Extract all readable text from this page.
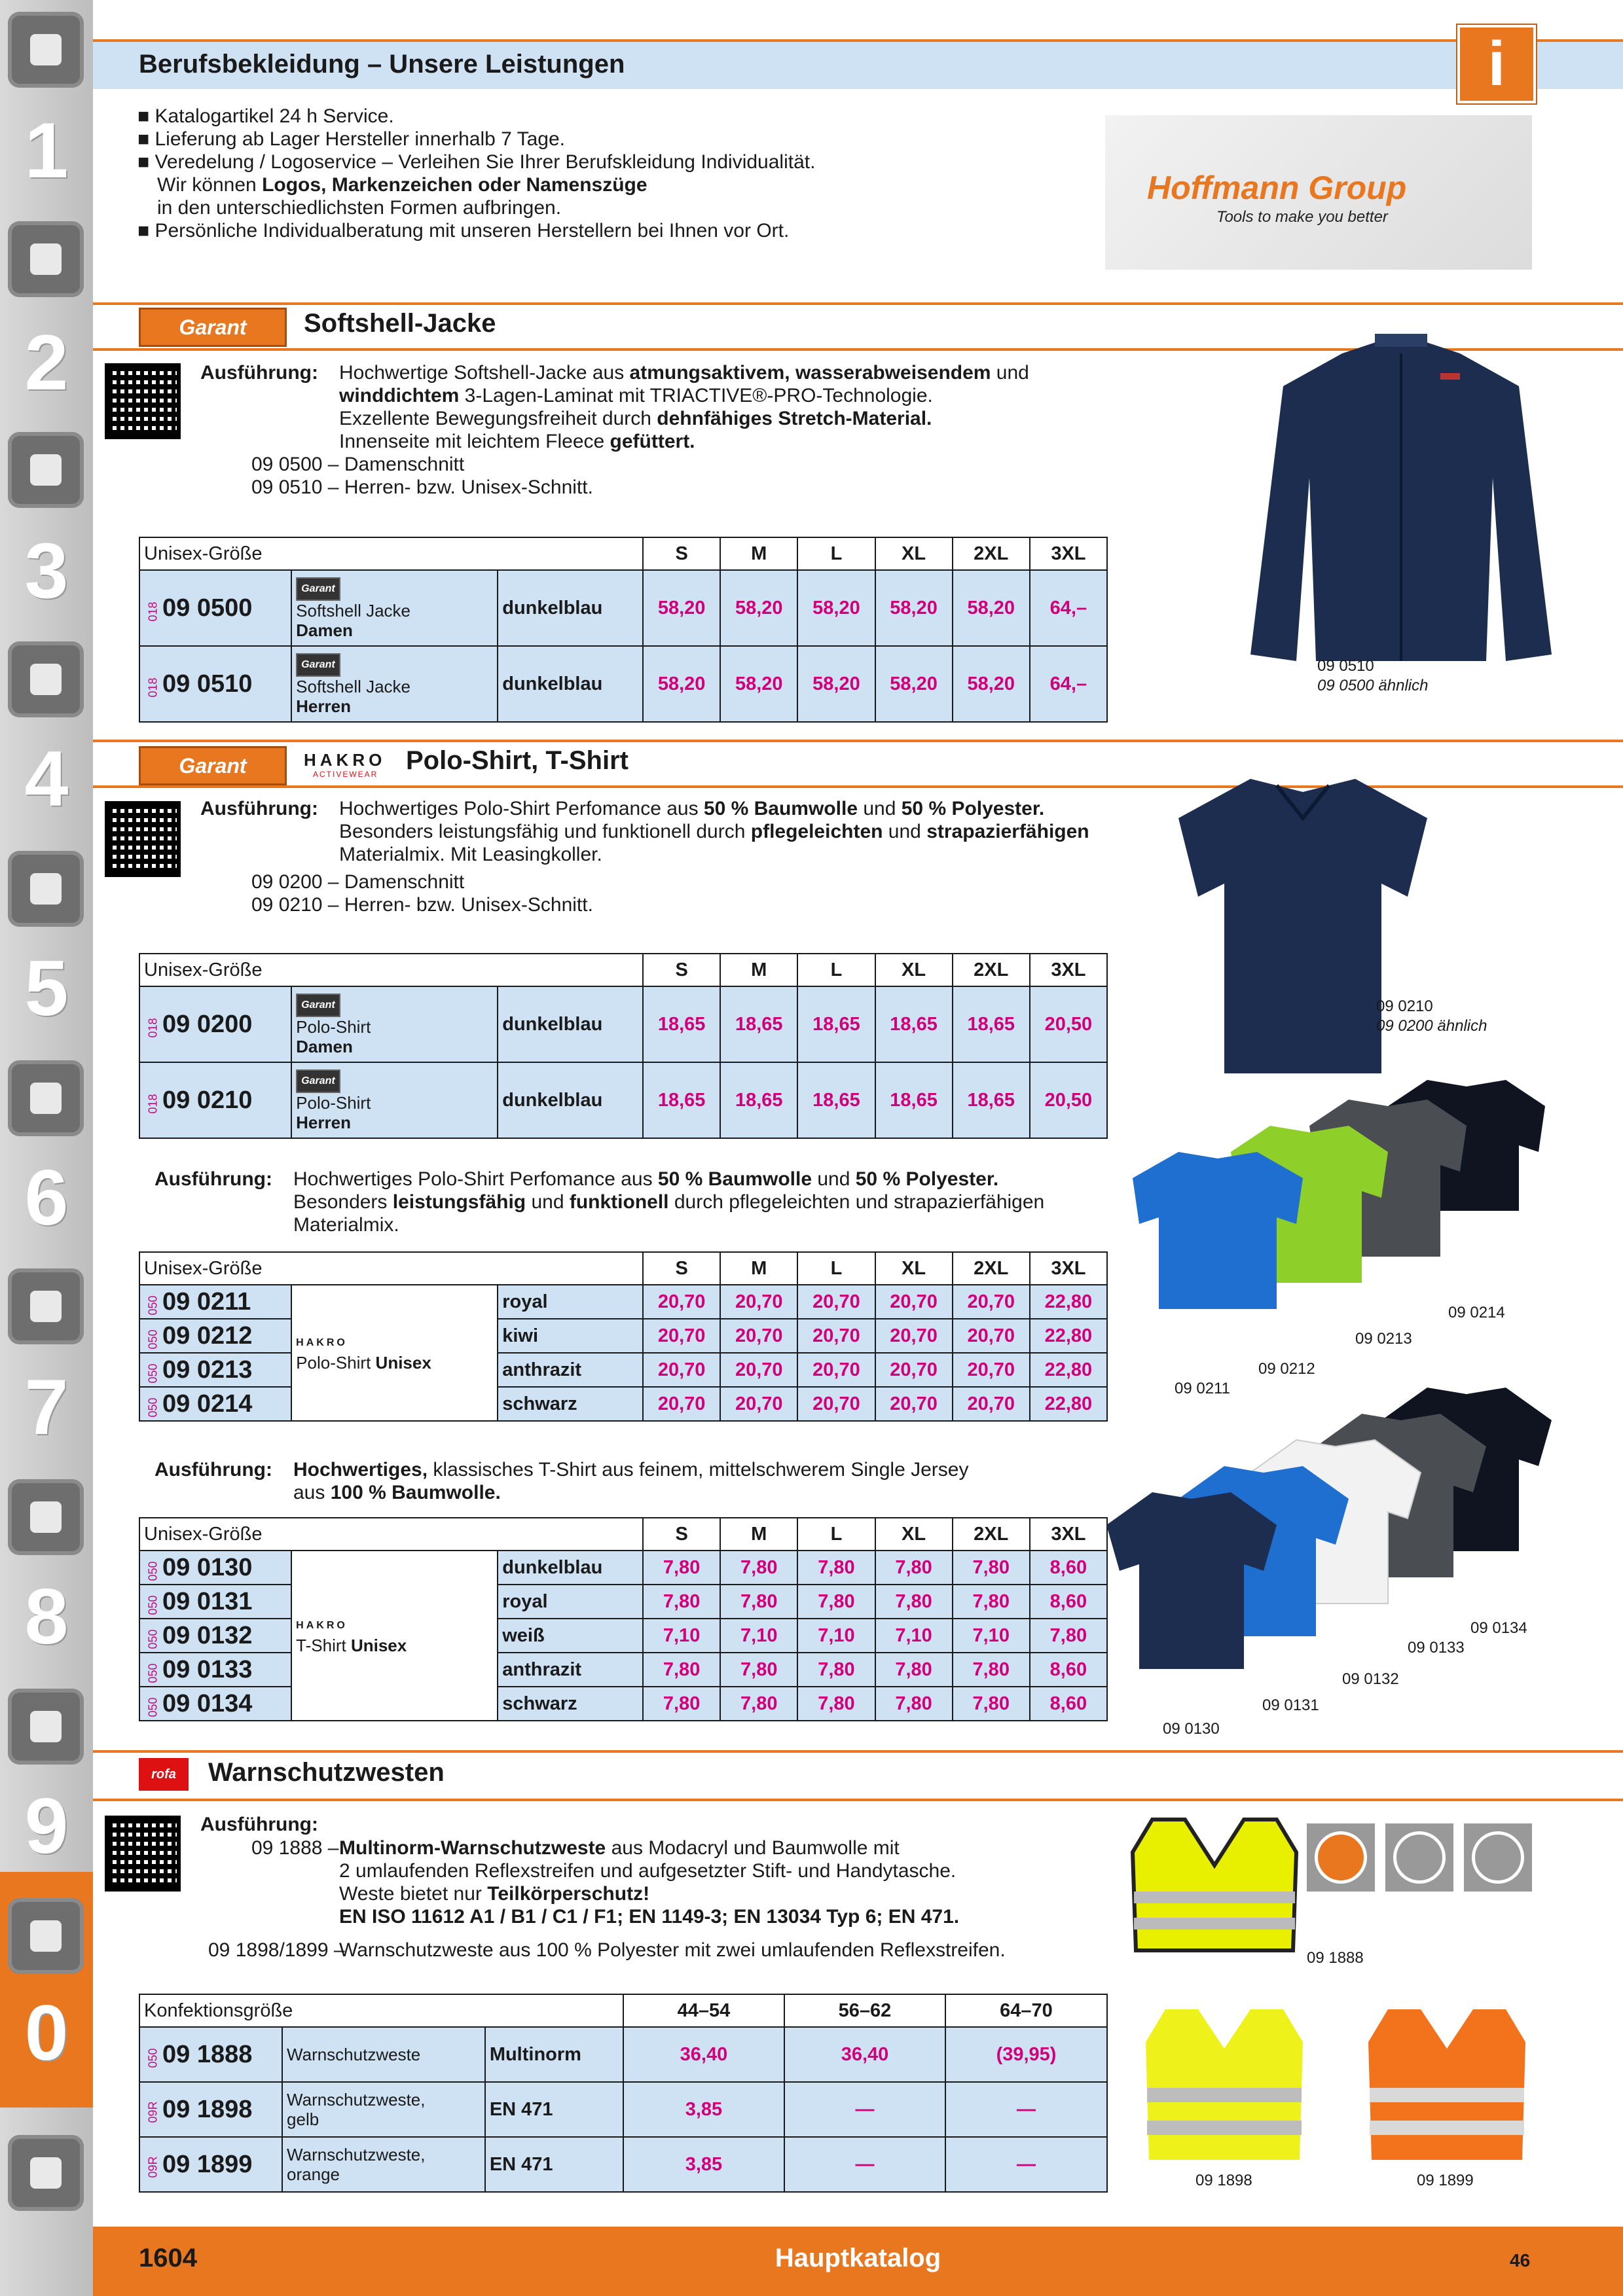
1
2
3
4
5
6
7
8
9
0
Berufsbekleidung – Unsere Leistungen	i
■ Katalogartikel 24 h Service.
■ Lieferung ab Lager Hersteller innerhalb 7 Tage.
■ Veredelung / Logoservice – Verleihen Sie Ihrer Berufskleidung Individualität.
Wir können Logos, Markenzeichen oder Namenszüge
in den unterschiedlichsten Formen aufbringen.
■ Persönliche Individualberatung mit unseren Herstellern bei Ihnen vor Ort.
Hoffmann Group
Tools to make you better
Garant	Softshell-Jacke
Ausführung: Hochwertige Softshell-Jacke aus atmungsaktivem, wasserabweisendem und
winddichtem 3-Lagen-Laminat mit TRIACTIVE®-PRO-Technologie.
Exzellente Bewegungsfreiheit durch dehnfähiges Stretch-Material.
Innenseite mit leichtem Fleece gefüttert.
09 0500 – Damenschnitt
09 0510 – Herren- bzw. Unisex-Schnitt.
Unisex-Größe			S	M	L	XL	2XL	3XL
018 09 0500	Garant
Softshell Jacke
Damen	dunkelblau	58,20	58,20	58,20	58,20	58,20	64,–
018 09 0510	Garant
Softshell Jacke
Herren	dunkelblau	58,20	58,20	58,20	58,20	58,20	64,–
09 0510
09 0500 ähnlich
Garant	HAKRO
ACTIVEWEAR Polo-Shirt, T-Shirt
Ausführung: Hochwertiges Polo-Shirt Perfomance aus 50 % Baumwolle und 50 % Polyester.
Besonders leistungsfähig und funktionell durch pflegeleichten und strapazierfähigen
Materialmix. Mit Leasingkoller.
09 0200 – Damenschnitt
09 0210 – Herren- bzw. Unisex-Schnitt.
Unisex-Größe			S	M	L	XL	2XL	3XL
018 09 0200	Garant
Polo-Shirt
Damen	dunkelblau	18,65	18,65	18,65	18,65	18,65	20,50
018 09 0210	Garant
Polo-Shirt
Herren	dunkelblau	18,65	18,65	18,65	18,65	18,65	20,50
09 0210
09 0200 ähnlich
Ausführung: Hochwertiges Polo-Shirt Perfomance aus 50 % Baumwolle und 50 % Polyester.
Besonders leistungsfähig und funktionell durch pflegeleichten und strapazierfähigen
Materialmix.
Unisex-Größe			S	M	L	XL	2XL	3XL
050 09 0211	HAKRO
Polo-Shirt Unisex	royal	20,70	20,70	20,70	20,70	20,70	22,80
050 09 0212		kiwi	20,70	20,70	20,70	20,70	20,70	22,80
050 09 0213		anthrazit	20,70	20,70	20,70	20,70	20,70	22,80
050 09 0214		schwarz	20,70	20,70	20,70	20,70	20,70	22,80
09 0214
09 0213
09 0212
09 0211
Ausführung: Hochwertiges, klassisches T-Shirt aus feinem, mittelschwerem Single Jersey
aus 100 % Baumwolle.
Unisex-Größe			S	M	L	XL	2XL	3XL
050 09 0130	HAKRO
T-Shirt Unisex	dunkelblau	7,80	7,80	7,80	7,80	7,80	8,60
050 09 0131		royal	7,80	7,80	7,80	7,80	7,80	8,60
050 09 0132		weiß	7,10	7,10	7,10	7,10	7,10	7,80
050 09 0133		anthrazit	7,80	7,80	7,80	7,80	7,80	8,60
050 09 0134		schwarz	7,80	7,80	7,80	7,80	7,80	8,60
09 0134
09 0133
09 0132
09 0131
09 0130
rofa	Warnschutzwesten
Ausführung:
09 1888 – Multinorm-Warnschutzweste aus Modacryl und Baumwolle mit
2 umlaufenden Reflexstreifen und aufgesetzter Stift- und Handytasche.
Weste bietet nur Teilkörperschutz!
EN ISO 11612 A1 / B1 / C1 / F1; EN 1149-3; EN 13034 Typ 6; EN 471.
09 1898/1899 –
Warnschutzweste aus 100 % Polyester mit zwei umlaufenden Reflexstreifen.
Konfektionsgröße			44–54	56–62	64–70
050 09 1888	Warnschutzweste	Multinorm	36,40	36,40	(39,95)
09R 09 1898	Warnschutzweste,
gelb	EN 471	3,85	—	—
09R 09 1899	Warnschutzweste,
orange	EN 471	3,85	—	—
09 1888
09 1898	09 1899
1604	Hauptkatalog	46
